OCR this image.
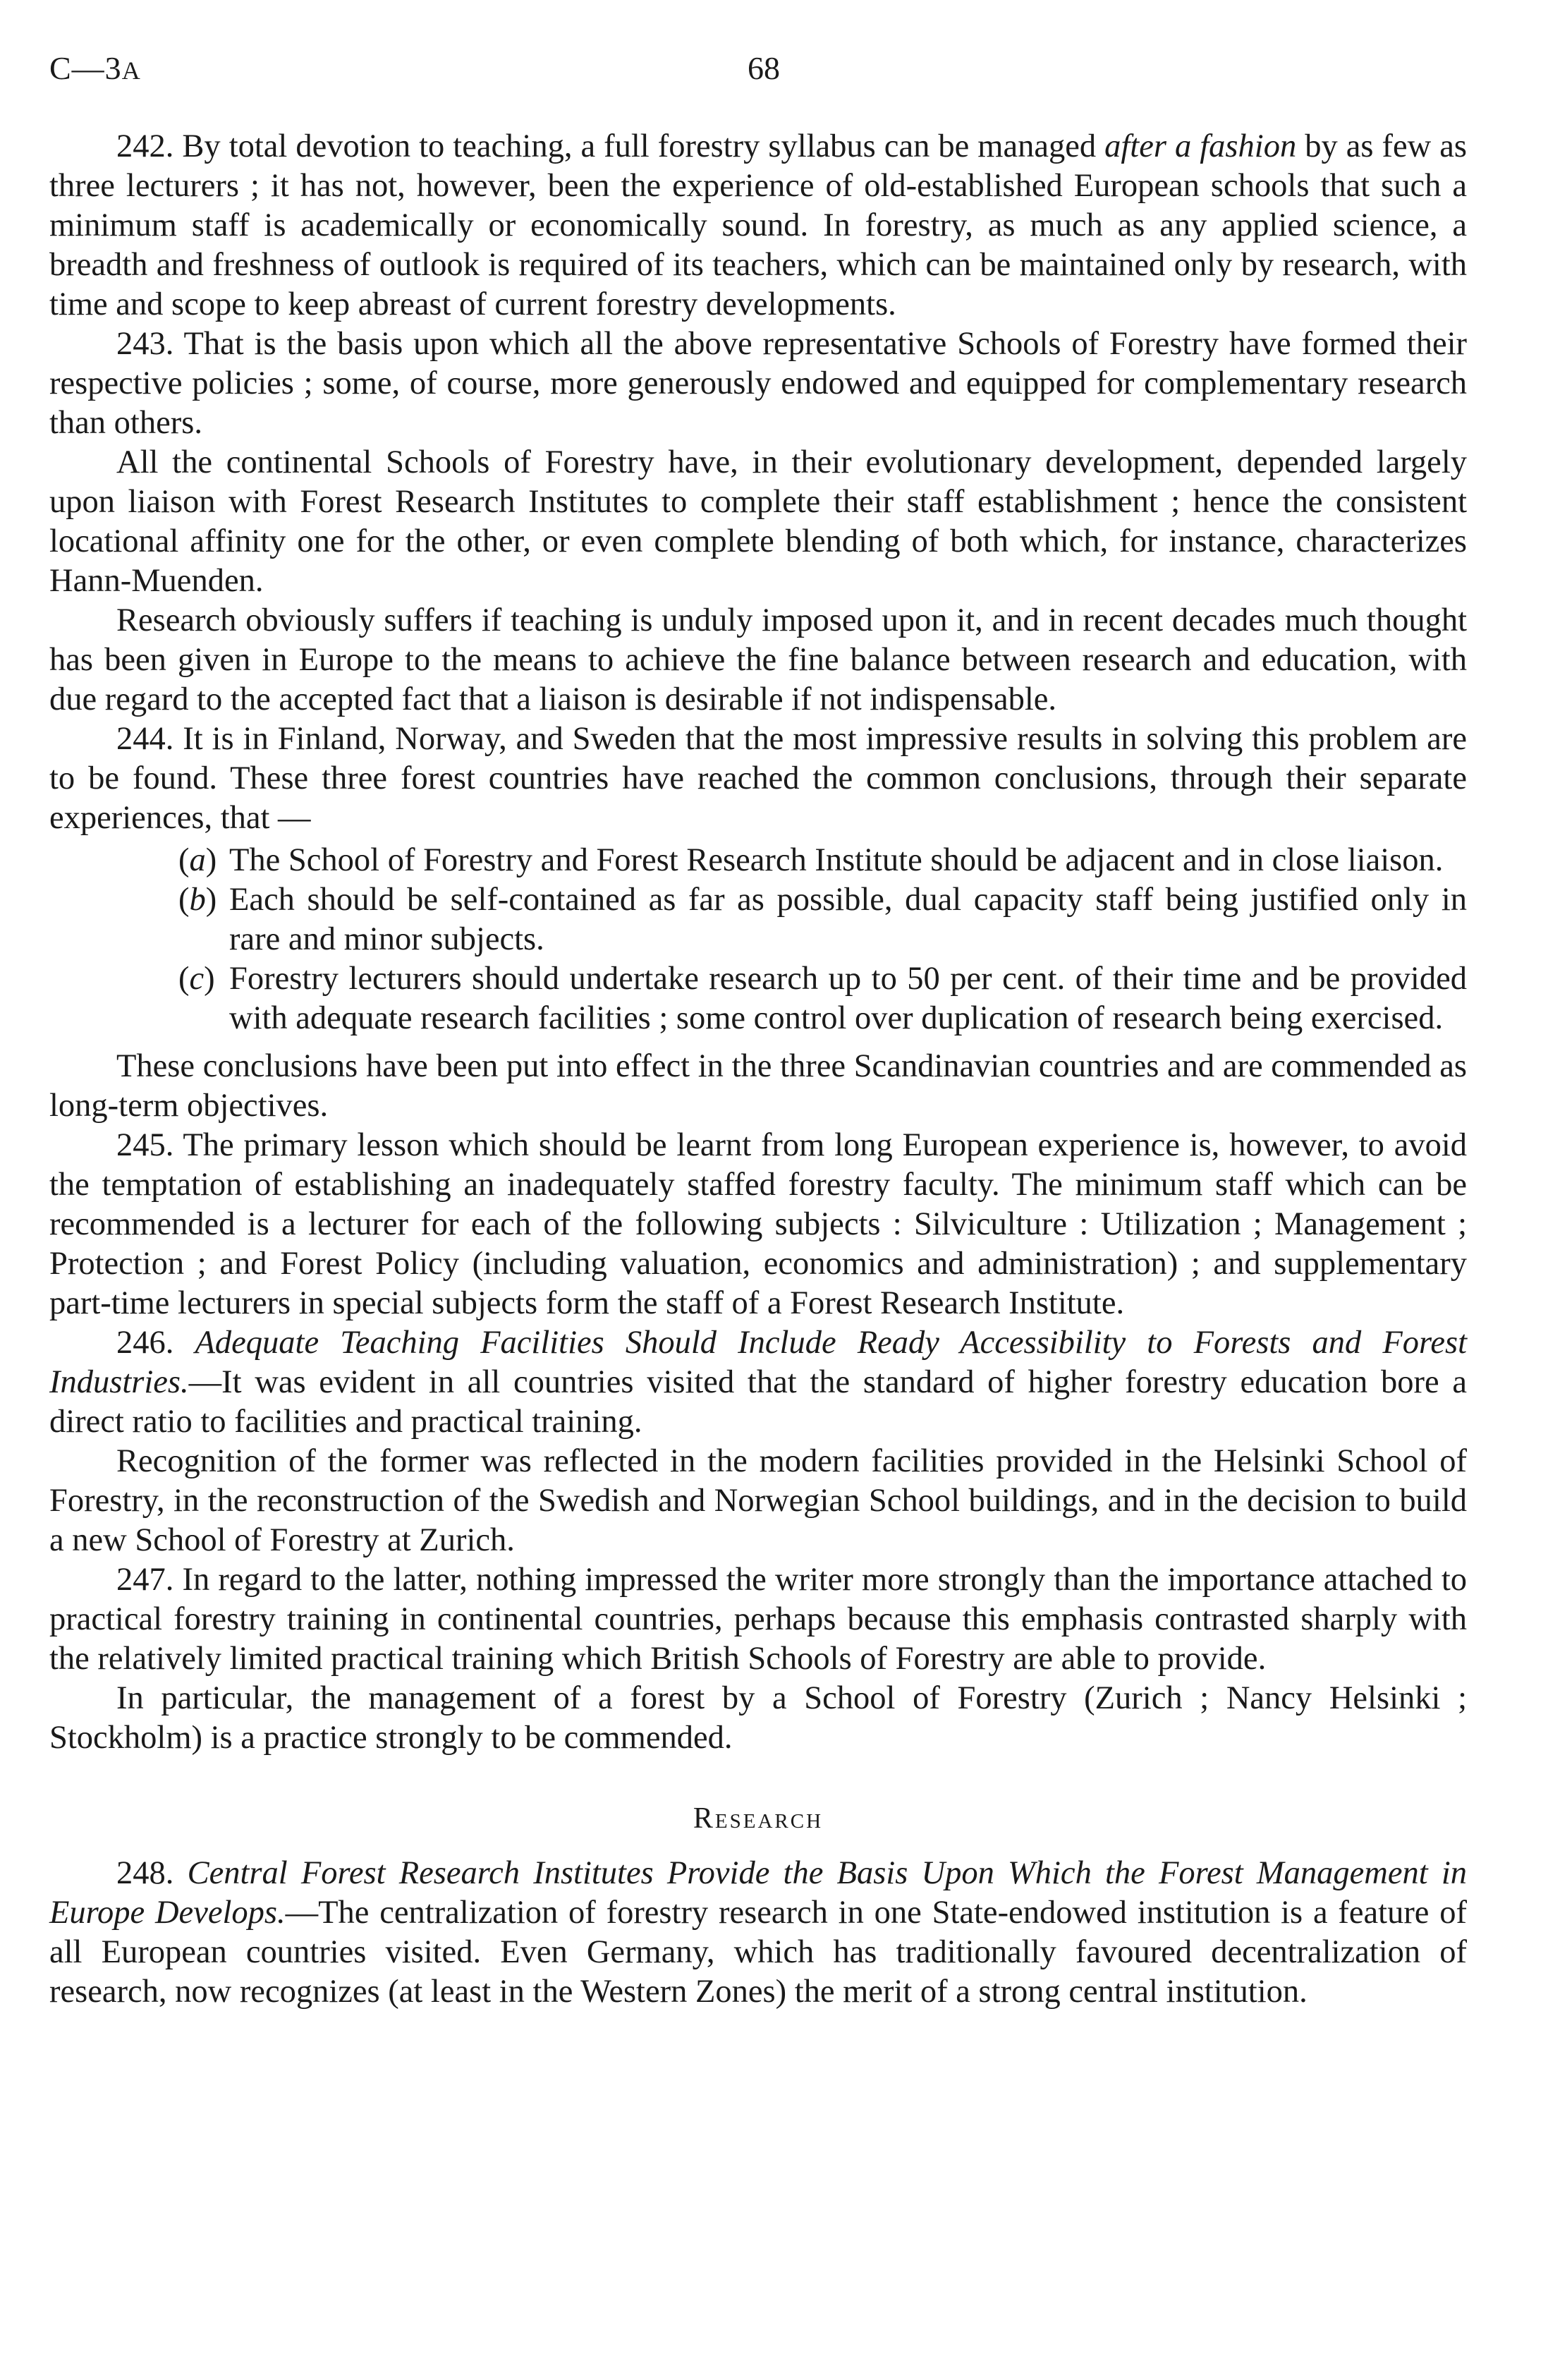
C—3A	68

242. By total devotion to teaching, a full forestry syllabus can be managed after a fashion by as few as three lecturers ; it has not, however, been the experience of old-established European schools that such a minimum staff is academically or economically sound. In forestry, as much as any applied science, a breadth and freshness of outlook is required of its teachers, which can be maintained only by research, with time and scope to keep abreast of current forestry developments.

243. That is the basis upon which all the above representative Schools of Forestry have formed their respective policies ; some, of course, more generously endowed and equipped for complementary research than others.

All the continental Schools of Forestry have, in their evolutionary development, depended largely upon liaison with Forest Research Institutes to complete their staff establishment ; hence the consistent locational affinity one for the other, or even complete blending of both which, for instance, characterizes Hann-Muenden.

Research obviously suffers if teaching is unduly imposed upon it, and in recent decades much thought has been given in Europe to the means to achieve the fine balance between research and education, with due regard to the accepted fact that a liaison is desirable if not indispensable.

244. It is in Finland, Norway, and Sweden that the most impressive results in solving this problem are to be found. These three forest countries have reached the common conclusions, through their separate experiences, that —

(a) The School of Forestry and Forest Research Institute should be adjacent and in close liaison.

(b) Each should be self-contained as far as possible, dual capacity staff being justified only in rare and minor subjects.

(c) Forestry lecturers should undertake research up to 50 per cent. of their time and be provided with adequate research facilities ; some control over duplication of research being exercised.

These conclusions have been put into effect in the three Scandinavian countries and are commended as long-term objectives.

245. The primary lesson which should be learnt from long European experience is, however, to avoid the temptation of establishing an inadequately staffed forestry faculty. The minimum staff which can be recommended is a lecturer for each of the following subjects : Silviculture : Utilization ; Management ; Protection ; and Forest Policy (including valuation, economics and administration) ; and supplementary part-time lecturers in special subjects form the staff of a Forest Research Institute.

246. Adequate Teaching Facilities Should Include Ready Accessibility to Forests and Forest Industries.—It was evident in all countries visited that the standard of higher forestry education bore a direct ratio to facilities and practical training.

Recognition of the former was reflected in the modern facilities provided in the Helsinki School of Forestry, in the reconstruction of the Swedish and Norwegian School buildings, and in the decision to build a new School of Forestry at Zurich.

247. In regard to the latter, nothing impressed the writer more strongly than the importance attached to practical forestry training in continental countries, perhaps because this emphasis contrasted sharply with the relatively limited practical training which British Schools of Forestry are able to provide.

In particular, the management of a forest by a School of Forestry (Zurich ; Nancy Helsinki ; Stockholm) is a practice strongly to be commended.

Research

248. Central Forest Research Institutes Provide the Basis Upon Which the Forest Management in Europe Develops.—The centralization of forestry research in one State-endowed institution is a feature of all European countries visited. Even Germany, which has traditionally favoured decentralization of research, now recognizes (at least in the Western Zones) the merit of a strong central institution.
